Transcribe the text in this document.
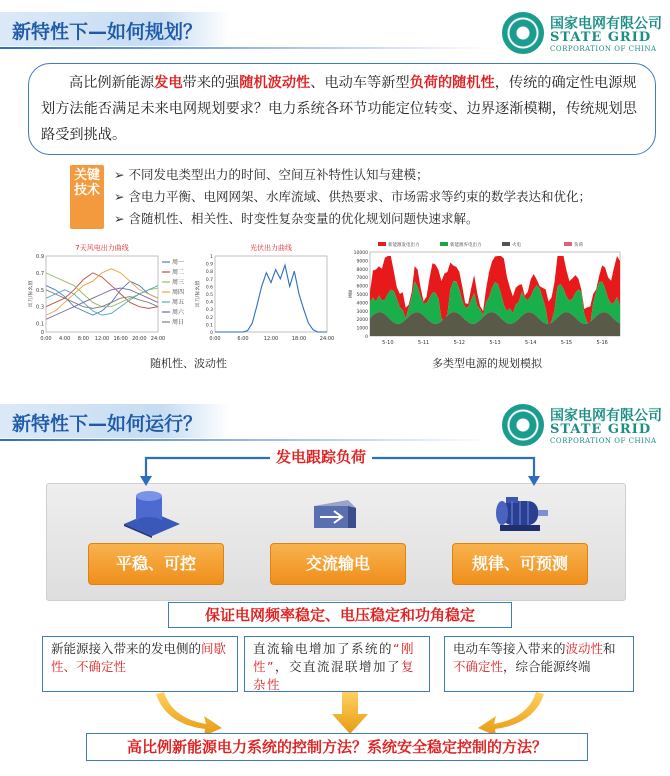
新特性下—如何规划？	国家电网有限公司
STATE GRID
CORPORATION OF CHINA
高比例新能源发电带来的强随机波动性、电动车等新型负荷的随机性，传统的确定性电源规划方法能否满足未来电网规划要求？电力系统各环节功能定位转变、边界逐渐模糊，传统规划思路受到挑战。
关键技术
➢ 不同发电类型出力的时间、空间互补特性认知与建模；
➢ 含电力平衡、电网网架、水库流域、供热要求、市场需求等约束的数学表达和优化；
➢ 含随机性、相关性、时变性复杂变量的优化规划问题快速求解。
7天风电出力曲线
出力/标幺值
0
0.1
0.3
0.5
0.7
0.9
0:00 4:00 8:00 12:00 16:00 20:00 24:00
周一
周二
周三
周四
周五
周六
周日
光伏出力曲线
出力/标幺值
0
0.1
0.2
0.3
0.4
0.5
0.6
0.7
0.8
0.9
1
0:00	6:00	12:00	18:00	24:00
新能源发电出力	新能源弃电出力	火电	负荷
0
1000
2000
3000
4000
5000
6000
7000
8000
9000
10000
5-10	5-11	5-12	5-13	5-14	5-15	5-16
MW
随机性、波动性	多类型电源的规划模拟
新特性下—如何运行？	国家电网有限公司
STATE GRID
CORPORATION OF CHINA
发电跟踪负荷
平稳、可控	交流输电	规律、可预测
保证电网频率稳定、电压稳定和功角稳定
新能源接入带来的发电侧的间歇性、不确定性
直流输电增加了系统的“刚性”，交直流混联增加了复杂性
电动车等接入带来的波动性和不确定性，综合能源终端
高比例新能源电力系统的控制方法？系统安全稳定控制的方法？
